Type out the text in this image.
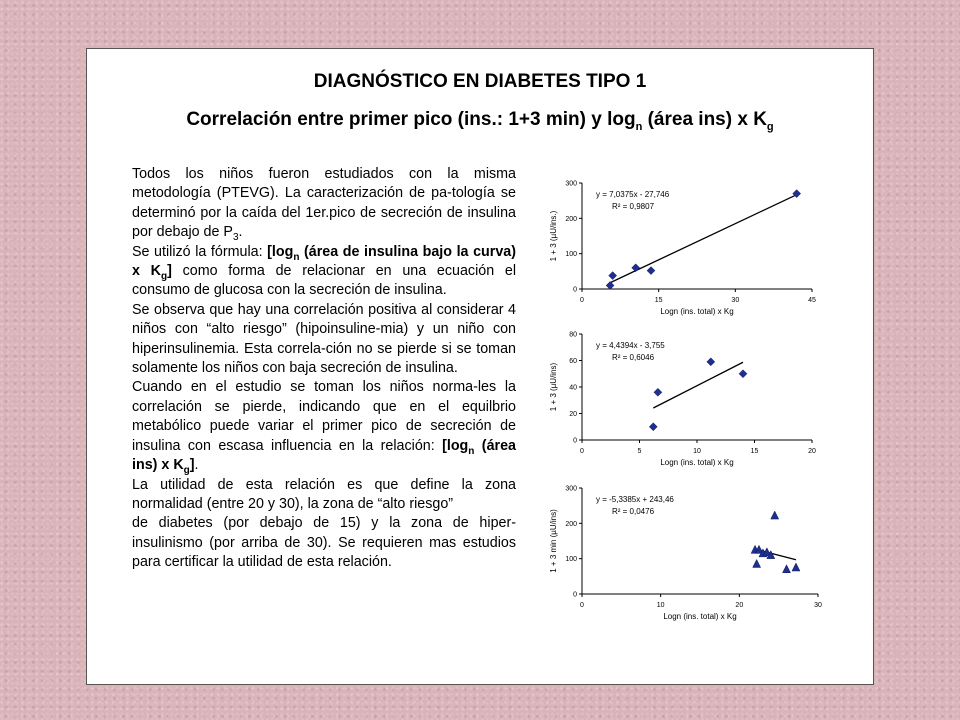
DIAGNÓSTICO EN DIABETES TIPO 1
Correlación entre primer pico (ins.: 1+3 min) y $\log_n$ (área ins) x $K_g$

Todos los niños fueron estudiados con la misma metodología (PTEVG). La caracterización de pa-tología se determinó por la caída del 1er.pico de secreción de insulina por debajo de $P_3$.

Se utilizó la fórmula: [$\log_n$ (área de insulina bajo la curva) x $K_g$] como forma de relacionar en una ecuación el consumo de glucosa con la secreción de insulina.

Se observa que hay una correlación positiva al considerar 4 niños con “alto riesgo” (hipoinsuline-mia) y un niño con hiperinsulinemia. Esta correla-ción no se pierde si se toman solamente los niños con baja secreción de insulina.

Cuando en el estudio se toman los niños norma-les la correlación se pierde, indicando que en el equilbrio metabólico puede variar el primer pico de secreción de insulina con escasa influencia en la relación: [$\log_n$ (área ins) x $K_g$].

La utilidad de esta relación es que define la zona normalidad (entre 20 y 30), la zona de “alto riesgo”

de diabetes (por debajo de 15) y la zona de hiper-insulinismo (por arriba de 30). Se requieren mas estudios para certificar la utilidad de esta relación.

0	15	30	45
0
100
200
300
Logn (ins. total) x Kg
1 + 3 (µU/ins.)
y = 7,0375x - 27,746
R² = 0,9807
0	5	10	15	20
0
20
40
60
80
Logn (ins. total) x Kg
1 + 3 (µU/ins)
y = 4,4394x - 3,755
R² = 0,6046
0	10	20	30
0
100
200
300
Logn (ins. total) x Kg
1 + 3 min (µU/ins)
y = -5,3385x + 243,46
R² = 0,0476
